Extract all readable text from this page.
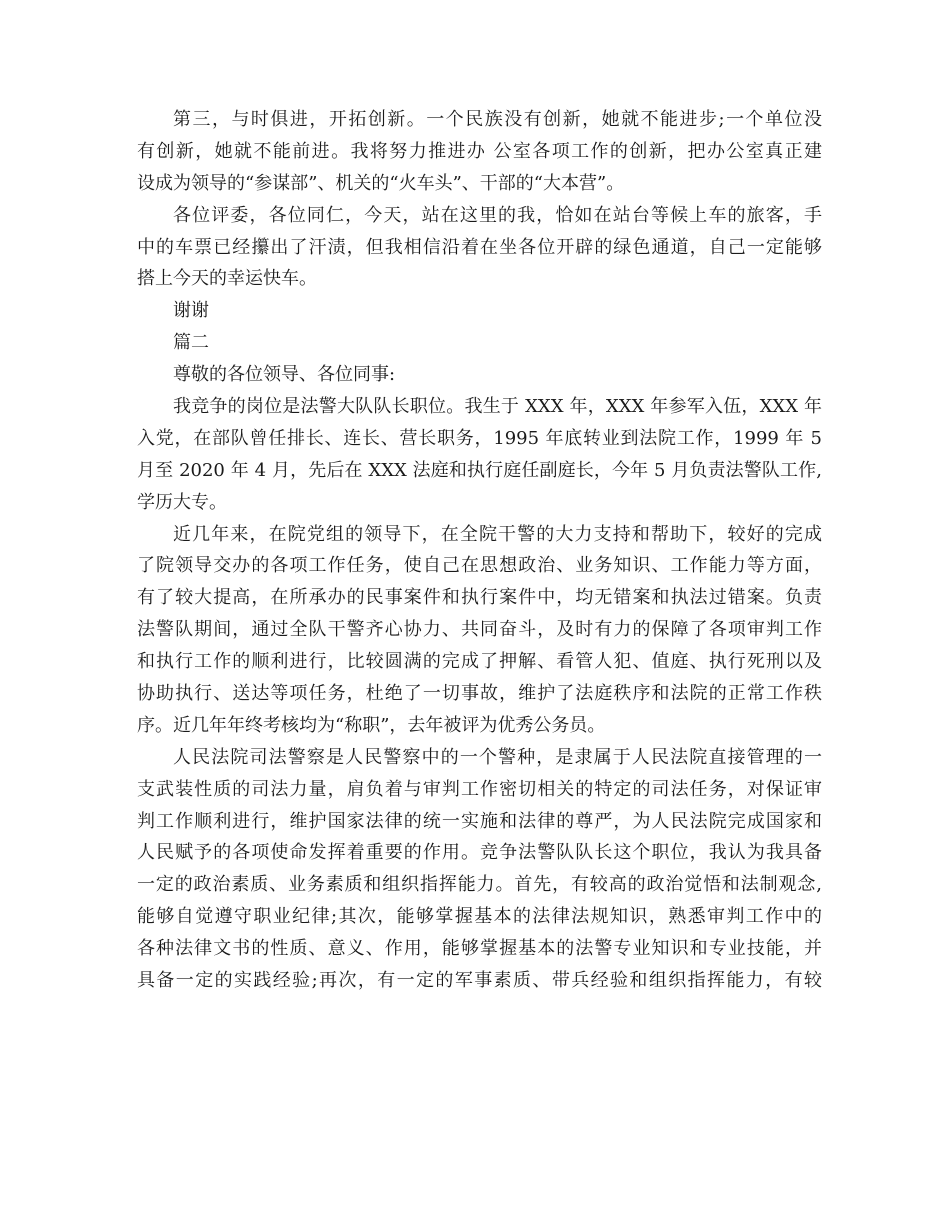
第三，与时俱进，开拓创新。一个民族没有创新，她就不能进步;一个单位没
有创新，她就不能前进。我将努力推进办 公室各项工作的创新，把办公室真正建
设成为领导的“参谋部”、机关的“火车头”、干部的“大本营”。
各位评委，各位同仁，今天，站在这里的我，恰如在站台等候上车的旅客，手
中的车票已经攥出了汗渍，但我相信沿着在坐各位开辟的绿色通道，自己一定能够
搭上今天的幸运快车。
谢谢
篇二
尊敬的各位领导、各位同事:
我竞争的岗位是法警大队队长职位。我生于 XXX 年，XXX 年参军入伍，XXX 年
入党，在部队曾任排长、连长、营长职务，1995 年底转业到法院工作，1999 年 5
月至 2020 年 4 月，先后在 XXX 法庭和执行庭任副庭长，今年 5 月负责法警队工作,
学历大专。
近几年来，在院党组的领导下，在全院干警的大力支持和帮助下，较好的完成
了院领导交办的各项工作任务，使自己在思想政治、业务知识、工作能力等方面，
有了较大提高，在所承办的民事案件和执行案件中，均无错案和执法过错案。负责
法警队期间，通过全队干警齐心协力、共同奋斗，及时有力的保障了各项审判工作
和执行工作的顺利进行，比较圆满的完成了押解、看管人犯、值庭、执行死刑以及
协助执行、送达等项任务，杜绝了一切事故，维护了法庭秩序和法院的正常工作秩
序。近几年年终考核均为“称职”，去年被评为优秀公务员。
人民法院司法警察是人民警察中的一个警种，是隶属于人民法院直接管理的一
支武装性质的司法力量，肩负着与审判工作密切相关的特定的司法任务，对保证审
判工作顺利进行，维护国家法律的统一实施和法律的尊严，为人民法院完成国家和
人民赋予的各项使命发挥着重要的作用。竞争法警队队长这个职位，我认为我具备
一定的政治素质、业务素质和组织指挥能力。首先，有较高的政治觉悟和法制观念,
能够自觉遵守职业纪律;其次，能够掌握基本的法律法规知识，熟悉审判工作中的
各种法律文书的性质、意义、作用，能够掌握基本的法警专业知识和专业技能，并
具备一定的实践经验;再次，有一定的军事素质、带兵经验和组织指挥能力，有较
